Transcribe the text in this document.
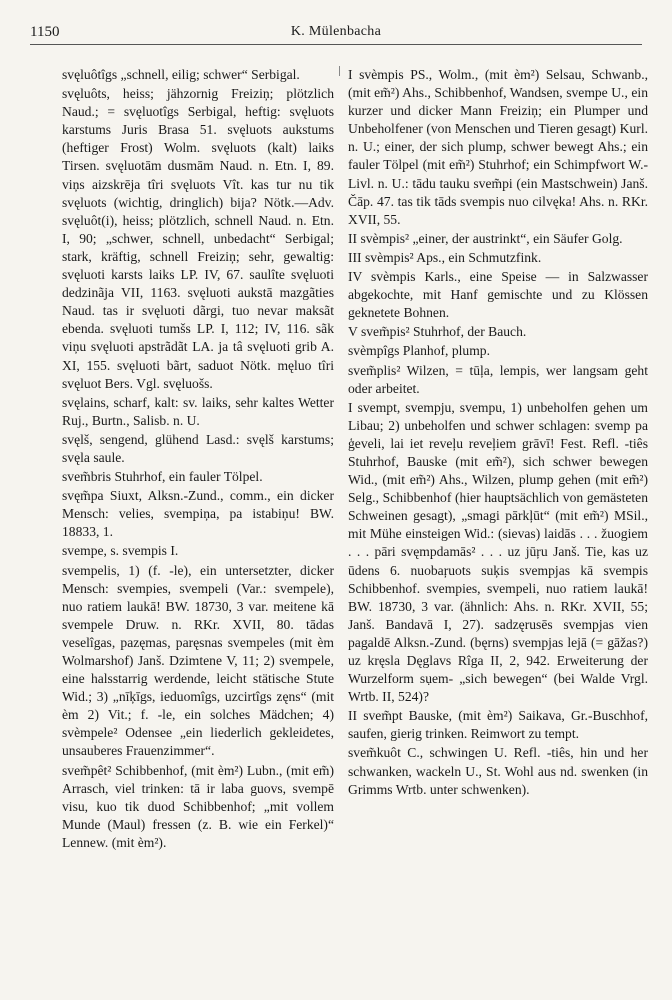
1150	K. Mülenbacha

svęluôtîgs „schnell, eilig; schwer“ Serbigal.

svęluôts, heiss; jähzornig Freiziņ; plötzlich Naud.; = svęluotîgs Serbigal, heftig: svęluots karstums Juris Brasa 51. svęluots aukstums (heftiger Frost) Wolm. svęluots (kalt) laiks Tirsen. svęluotām dusmām Naud. n. Etn. I, 89. viņs aizskrēja tîri svęluots Vît. kas tur nu tik svęluots (wichtig, dringlich) bija? Nötk.—Adv. svęluôt(i), heiss; plötzlich, schnell Naud. n. Etn. I, 90; „schwer, schnell, unbedacht“ Serbigal; stark, kräftig, schnell Freiziņ; sehr, gewaltig: svęluoti karsts laiks LP. IV, 67. saulîte svęluoti dedzinãja VII, 1163. svęluoti aukstā mazgãties Naud. tas ir svęluoti dãrgi, tuo nevar maksãt ebenda. svęluoti tumšs LP. I, 112; IV, 116. sãk viņu svęluoti apstrãdãt LA. ja tâ svęluoti grib A. XI, 155. svęluoti bãrt, saduot Nötk. męluo tîri svęluot Bers. Vgl. svęluošs.

svęlains, scharf, kalt: sv. laiks, sehr kaltes Wetter Ruj., Burtn., Salisb. n. U.

svęlš, sengend, glühend Lasd.: svęlš karstums; svęla saule.

svem̃bris Stuhrhof, ein fauler Tölpel.

svęm̃pa Siuxt, Alksn.-Zund., comm., ein dicker Mensch: velies, svempiņa, pa istabiņu! BW. 18833, 1.

svempe, s. svempis I.

svempelis, 1) (f. -le), ein untersetzter, dicker Mensch: svempies, svempeli (Var.: svempele), nuo ratiem laukā! BW. 18730, 3 var. meitene kā svempele Druw. n. RKr. XVII, 80. tādas veselîgas, pazęmas, paręsnas svempeles (mit èm Wolmarshof) Janš. Dzimtene V, 11; 2) svempele, eine halsstarrig werdende, leicht stätische Stute Wid.; 3) „nīķīgs, ieduomîgs, uzcirtîgs zęns“ (mit èm 2) Vit.; f. -le, ein solches Mädchen; 4) svèmpele² Odensee „ein liederlich gekleidetes, unsauberes Frauenzimmer“.

svem̃pêt² Schibbenhof, (mit èm²) Lubn., (mit em̃) Arrasch, viel trinken: tā ir laba guovs, svempē visu, kuo tik duod Schibbenhof; „mit vollem Munde (Maul) fressen (z. B. wie ein Ferkel)“ Lennew. (mit èm²).

I svèmpis PS., Wolm., (mit èm²) Selsau, Schwanb., (mit em̃²) Ahs., Schibbenhof, Wandsen, svempe U., ein kurzer und dicker Mann Freiziņ; ein Plumper und Unbeholfener (von Menschen und Tieren gesagt) Kurl. n. U.; einer, der sich plump, schwer bewegt Ahs.; ein fauler Tölpel (mit em̃²) Stuhrhof; ein Schimpfwort W.-Livl. n. U.: tādu tauku svem̃pi (ein Mastschwein) Janš. Čāp. 47. tas tik tāds svempis nuo cilvęka! Ahs. n. RKr. XVII, 55.

II svèmpis² „einer, der austrinkt“, ein Säufer Golg.

III svèmpis² Aps., ein Schmutzfink.

IV svèmpis Karls., eine Speise — in Salzwasser abgekochte, mit Hanf gemischte und zu Klössen geknetete Bohnen.

V svem̃pis² Stuhrhof, der Bauch.

svèmpîgs Planhof, plump.

svem̃plis² Wilzen, = tūļa, lempis, wer langsam geht oder arbeitet.

I svempt, svempju, svempu, 1) unbeholfen gehen um Libau; 2) unbeholfen und schwer schlagen: svemp pa ģeveli, lai iet reveļu reveļiem grāvī! Fest. Refl. -tiês Stuhrhof, Bauske (mit em̃²), sich schwer bewegen Wid., (mit em̃²) Ahs., Wilzen, plump gehen (mit em̃²) Selg., Schibbenhof (hier hauptsächlich von gemästeten Schweinen gesagt), „smagi pārkļūt“ (mit em̃²) MSil., mit Mühe einsteigen Wid.: (sievas) laidās . . . žuogiem . . . pāri svęmpdamās² . . . uz jūŗu Janš. Tie, kas uz ūdens 6. nuobaŗuots suķis svempjas kā svempis Schibbenhof. svempies, svempeli, nuo ratiem laukā! BW. 18730, 3 var. (ähnlich: Ahs. n. RKr. XVII, 55; Janš. Bandavā I, 27). sadzęrusēs svempjas vien pagaldē Alksn.-Zund. (bęrns) svempjas lejā (= gāžas?) uz kręsla Dęglavs Rîga II, 2, 942. Erweiterung der Wurzelform sụem- „sich bewegen“ (bei Walde Vrgl. Wrtb. II, 524)?

II svem̃pt Bauske, (mit èm²) Saikava, Gr.-Buschhof, saufen, gierig trinken. Reimwort zu tempt.

svem̃kuôt C., schwingen U. Refl. -tiês, hin und her schwanken, wackeln U., St. Wohl aus nd. swenken (in Grimms Wrtb. unter schwenken).
